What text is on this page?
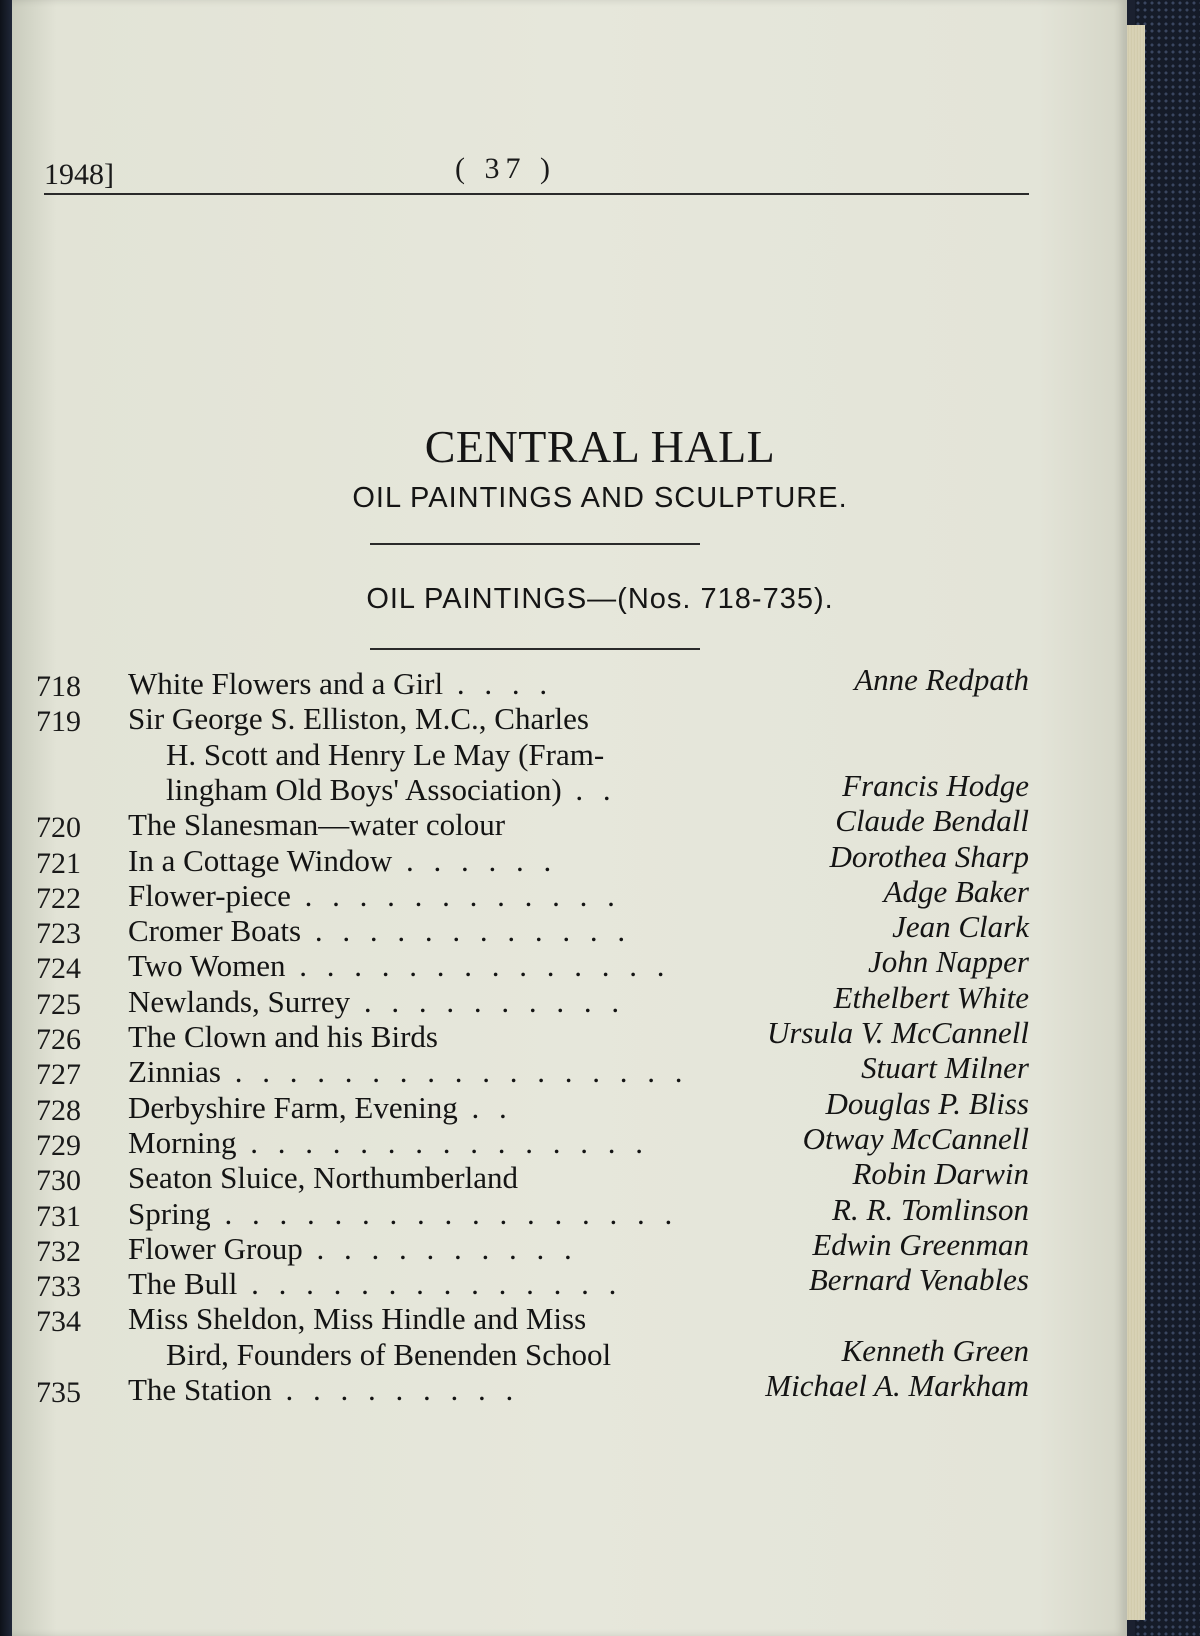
1948]	( 37 )
CENTRAL HALL
OIL PAINTINGS AND SCULPTURE.
OIL PAINTINGS—(Nos. 718-735).
718 White Flowers and a Girl . . . .	Anne Redpath
719 Sir George S. Elliston, M.C., Charles
H. Scott and Henry Le May (Fram-
lingham Old Boys' Association) . .	Francis Hodge
720 The Slanesman—water colour	Claude Bendall
721 In a Cottage Window . . . . . .	Dorothea Sharp
722 Flower-piece . . . . . . . . . . . .	Adge Baker
723 Cromer Boats . . . . . . . . . . . .	Jean Clark
724 Two Women . . . . . . . . . . . . . .	John Napper
725 Newlands, Surrey . . . . . . . . . .	Ethelbert White
726 The Clown and his Birds	Ursula V. McCannell
727 Zinnias . . . . . . . . . . . . . . . . .	Stuart Milner
728 Derbyshire Farm, Evening . .	Douglas P. Bliss
729 Morning . . . . . . . . . . . . . . .	Otway McCannell
730 Seaton Sluice, Northumberland	Robin Darwin
731 Spring . . . . . . . . . . . . . . . . .	R. R. Tomlinson
732 Flower Group . . . . . . . . . .	Edwin Greenman
733 The Bull . . . . . . . . . . . . . .	Bernard Venables
734 Miss Sheldon, Miss Hindle and Miss
Bird, Founders of Benenden School	Kenneth Green
735 The Station . . . . . . . . .	Michael A. Markham
